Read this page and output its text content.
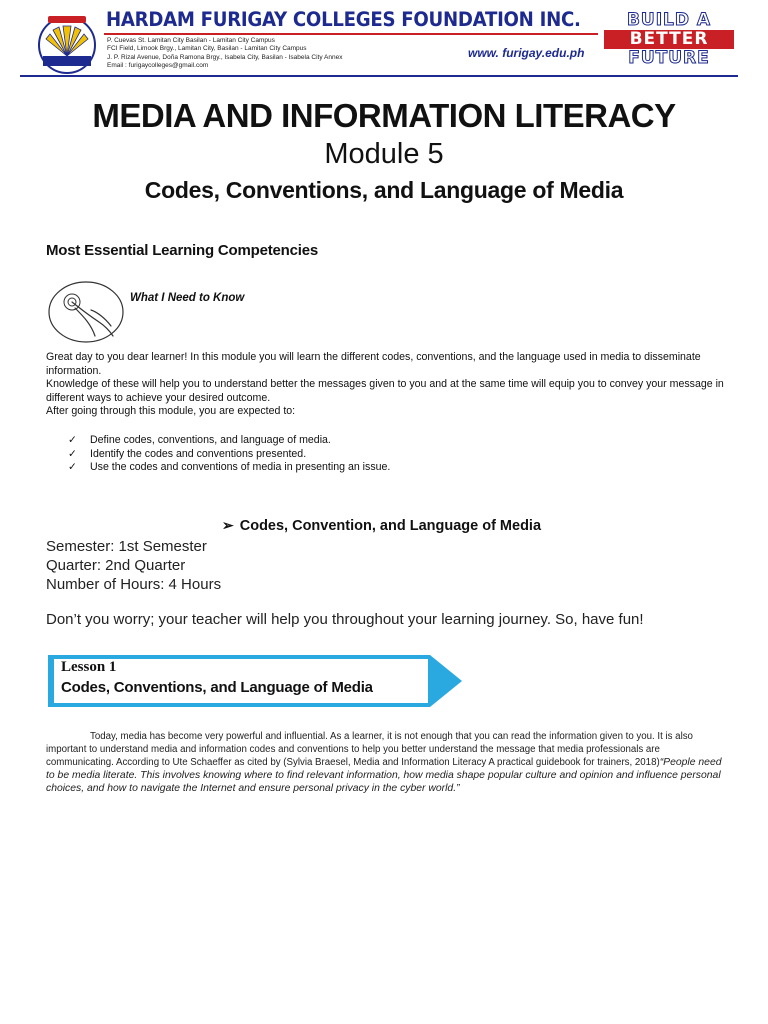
HARDAM FURIGAY COLLEGES FOUNDATION INC.
P. Cuevas St. Lamitan City Basilan - Lamitan City Campus
FCI Field, Limook Brgy., Lamitan City, Basilan - Lamitan City Campus
J. P. Rizal Avenue, Doña Ramona Brgy., Isabela City, Basilan - Isabela City Annex
Email : furigaycolleges@gmail.com
www. furigay.edu.ph
BUILD A
BETTER
FUTURE
MEDIA AND INFORMATION LITERACY
Module 5
Codes, Conventions, and Language of Media
Most Essential Learning Competencies
What I Need to Know

Great day to you dear learner! In this module you will learn the different codes, conventions, and the language used in media to disseminate information.

Knowledge of these will help you to understand better the messages given to you and at the same time will equip you to convey your message in different ways to achieve your desired outcome.

After going through this module, you are expected to:

✓ Define codes, conventions, and language of media.
✓ Identify the codes and conventions presented.
✓ Use the codes and conventions of media in presenting an issue.
➢ Codes, Convention, and Language of Media
Semester: 1st Semester
Quarter: 2nd Quarter
Number of Hours: 4 Hours
Don’t you worry; your teacher will help you throughout your learning journey. So, have fun!
Lesson 1
Codes, Conventions, and Language of Media
Today, media has become very powerful and influential. As a learner, it is not enough that you can read the information given to you. It is also important to understand media and information codes and conventions to help you better understand the message that media professionals are communicating. According to Ute Schaeffer as cited by (Sylvia Braesel, Media and Information Literacy A practical guidebook for trainers, 2018)“People need to be media literate. This involves knowing where to find relevant information, how media shape popular culture and opinion and influence personal choices, and how to navigate the Internet and ensure personal privacy in the cyber world.”
